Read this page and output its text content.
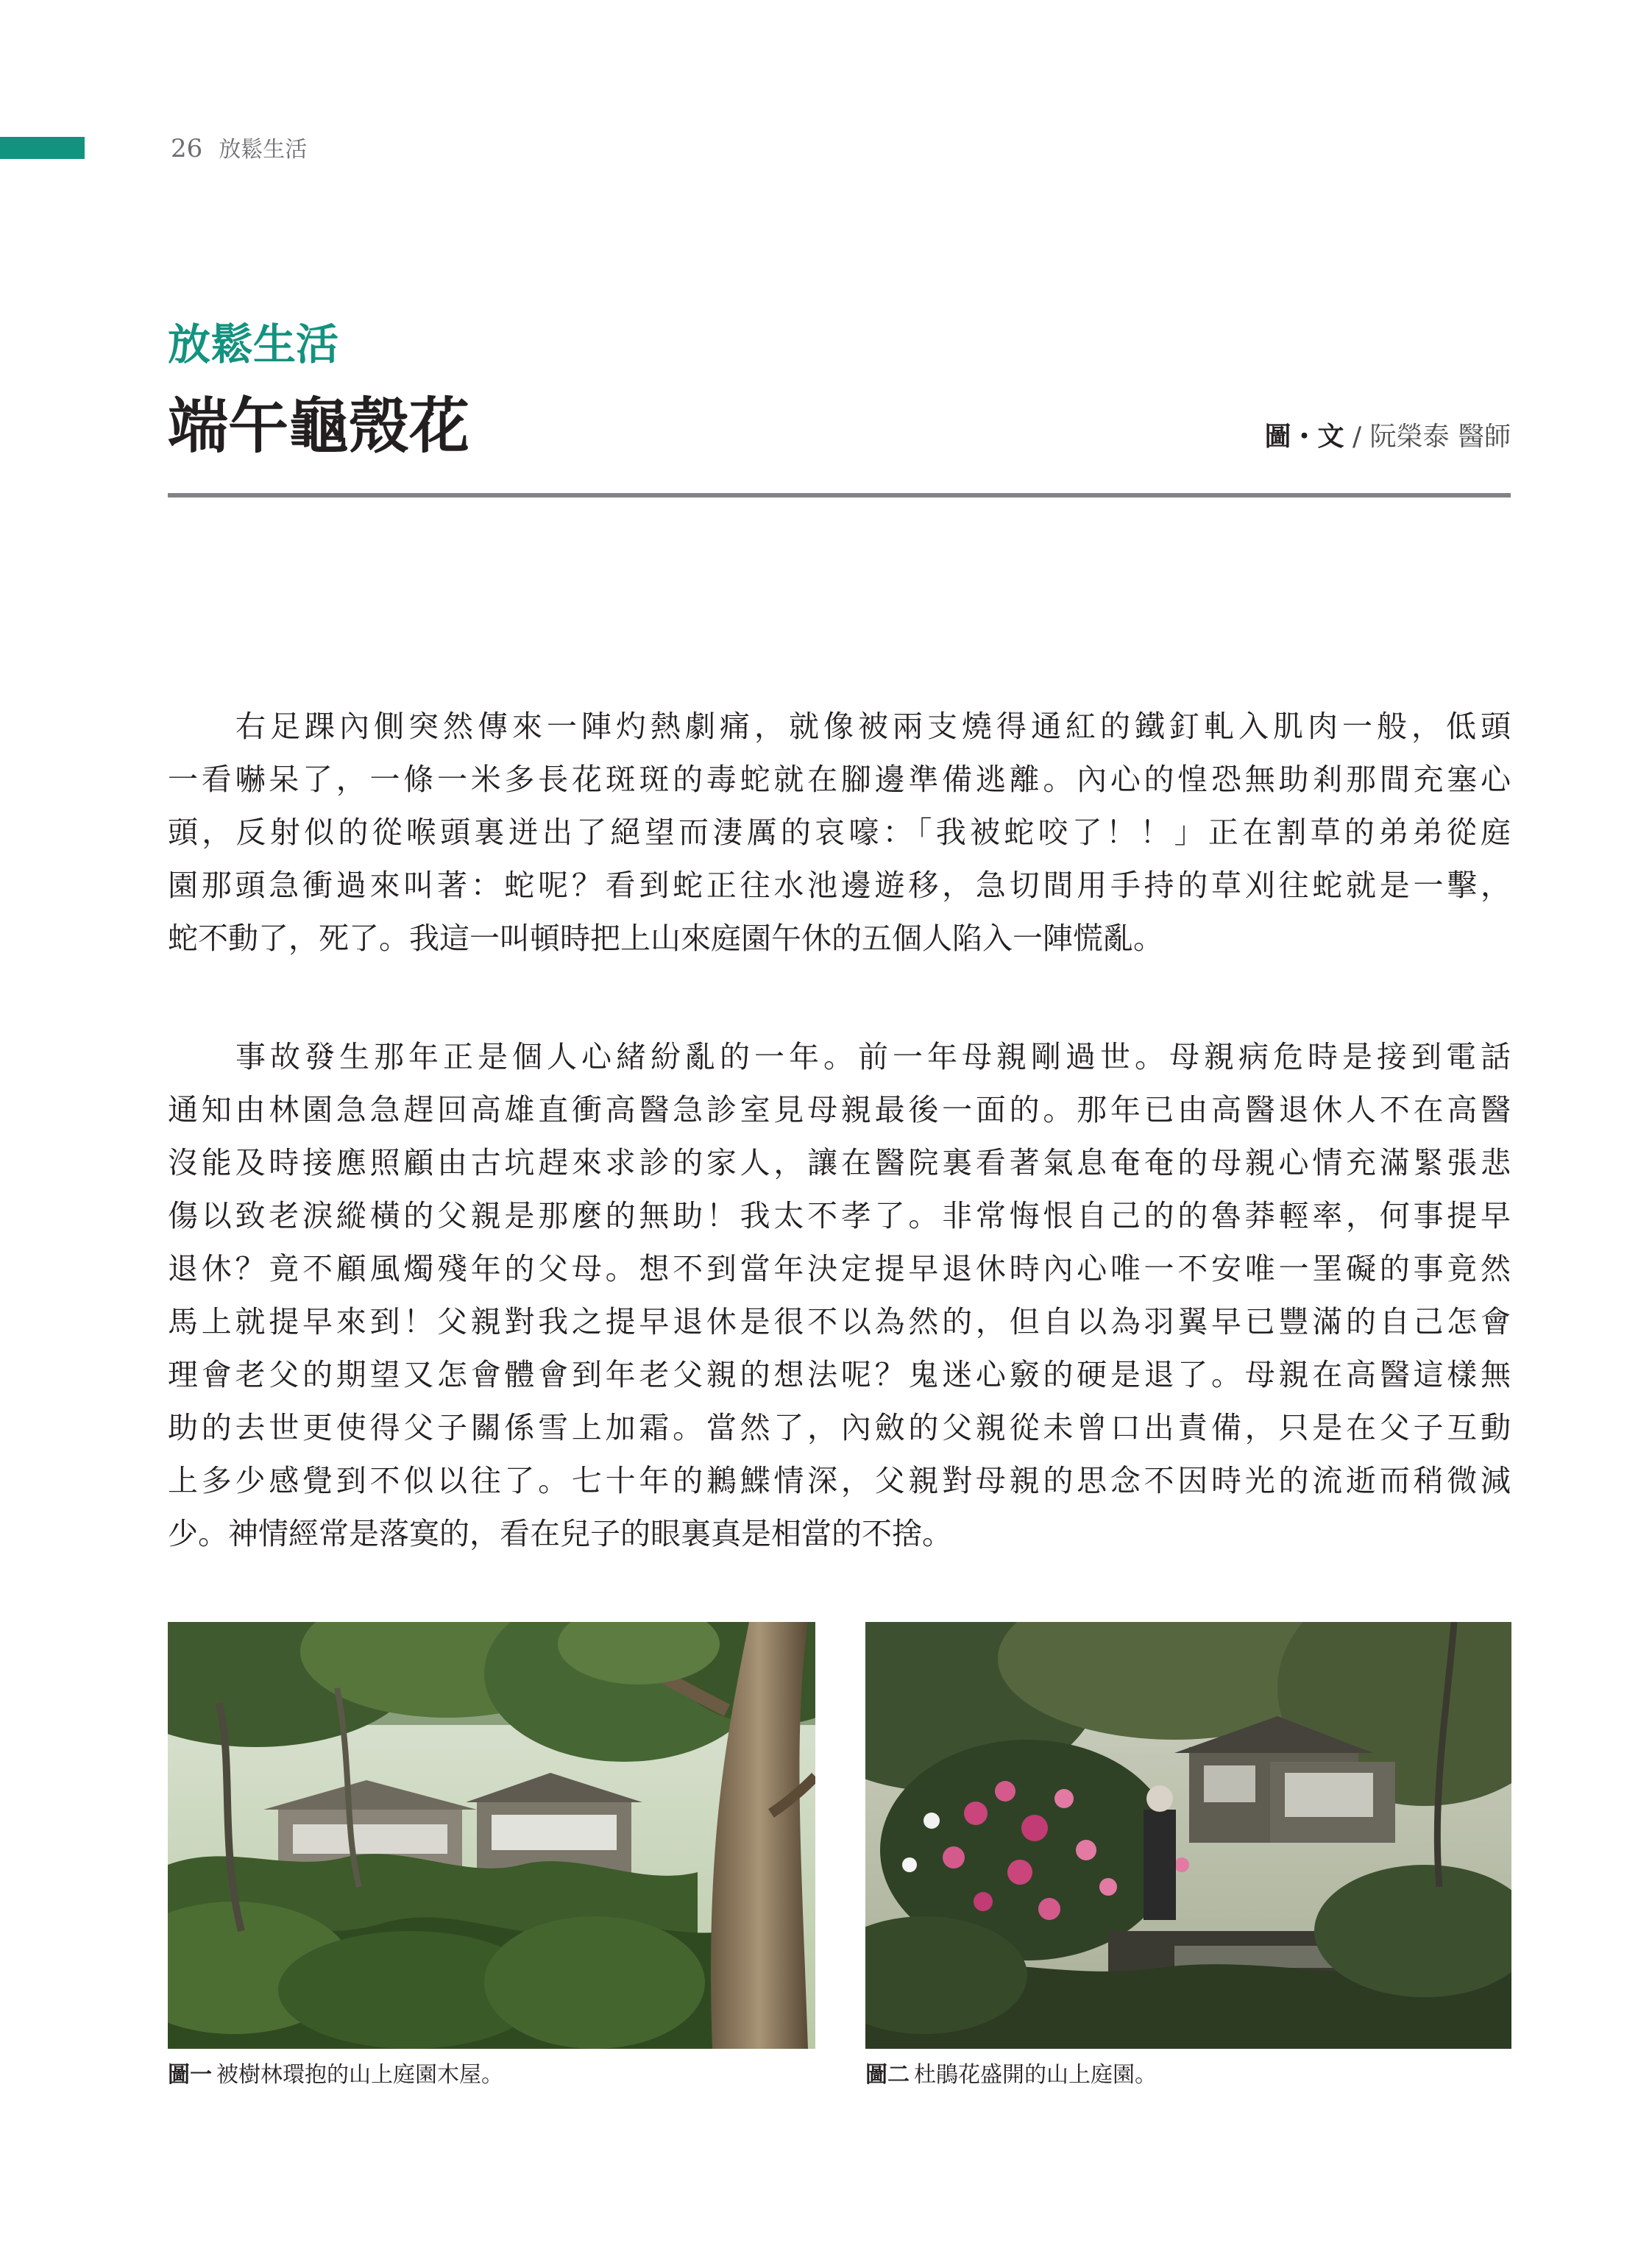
26 放鬆生活
放鬆生活
端午龜殼花	圖・文 / 阮榮泰 醫師

右足踝內側突然傳來一陣灼熱劇痛，就像被兩支燒得通紅的鐵釘軋入肌肉一般，低頭
一看嚇呆了，一條一米多長花斑斑的毒蛇就在腳邊準備逃離。內心的惶恐無助剎那間充塞心
頭，反射似的從喉頭裏迸出了絕望而淒厲的哀嚎：「我被蛇咬了！！」正在割草的弟弟從庭
園那頭急衝過來叫著：蛇呢？看到蛇正往水池邊遊移，急切間用手持的草刈往蛇就是一擊，
蛇不動了，死了。我這一叫頓時把上山來庭園午休的五個人陷入一陣慌亂。

事故發生那年正是個人心緒紛亂的一年。前一年母親剛過世。母親病危時是接到電話
通知由林園急急趕回高雄直衝高醫急診室見母親最後一面的。那年已由高醫退休人不在高醫
沒能及時接應照顧由古坑趕來求診的家人，讓在醫院裏看著氣息奄奄的母親心情充滿緊張悲
傷以致老淚縱橫的父親是那麼的無助！我太不孝了。非常悔恨自己的的魯莽輕率，何事提早
退休？竟不顧風燭殘年的父母。想不到當年決定提早退休時內心唯一不安唯一罣礙的事竟然
馬上就提早來到！父親對我之提早退休是很不以為然的，但自以為羽翼早已豐滿的自己怎會
理會老父的期望又怎會體會到年老父親的想法呢？鬼迷心竅的硬是退了。母親在高醫這樣無
助的去世更使得父子關係雪上加霜。當然了，內斂的父親從未曾口出責備，只是在父子互動
上多少感覺到不似以往了。七十年的鶼鰈情深，父親對母親的思念不因時光的流逝而稍微減
少。神情經常是落寞的，看在兒子的眼裏真是相當的不捨。

圖一 被樹林環抱的山上庭園木屋。	圖二 杜鵑花盛開的山上庭園。
